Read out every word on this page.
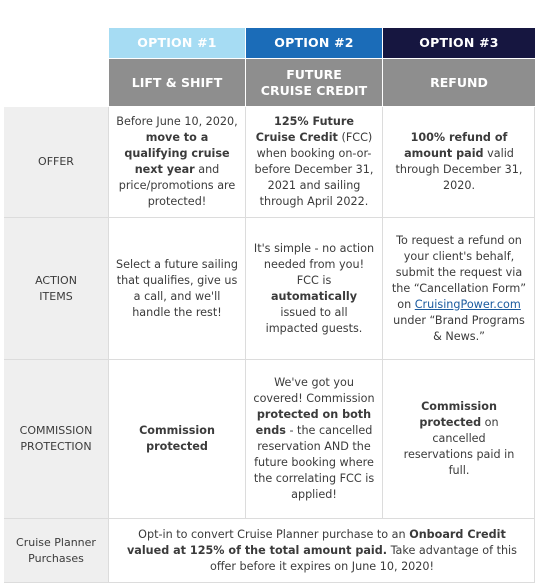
OPTION #1	OPTION #2	OPTION #3
LIFT & SHIFT
FUTURE
CRUISE CREDIT
REFUND
OFFER
Before June 10, 2020, move to a qualifying cruise next year and price/promotions are protected!
125% Future Cruise Credit (FCC) when booking on-or-before December 31, 2021 and sailing through April 2022.
100% refund of amount paid valid through December 31, 2020.
ACTION
ITEMS
Select a future sailing that qualifies, give us a call, and we'll handle the rest!
It's simple - no action needed from you! FCC is automatically issued to all impacted guests.
To request a refund on your client's behalf, submit the request via the “Cancellation Form” on CruisingPower.com under “Brand Programs & News.”
COMMISSION
PROTECTION
Commission protected
We've got you covered! Commission protected on both ends - the cancelled reservation AND the future booking where the correlating FCC is applied!
Commission protected on cancelled reservations paid in full.
Cruise Planner
Purchases
Opt-in to convert Cruise Planner purchase to an Onboard Credit valued at 125% of the total amount paid. Take advantage of this offer before it expires on June 10, 2020!
